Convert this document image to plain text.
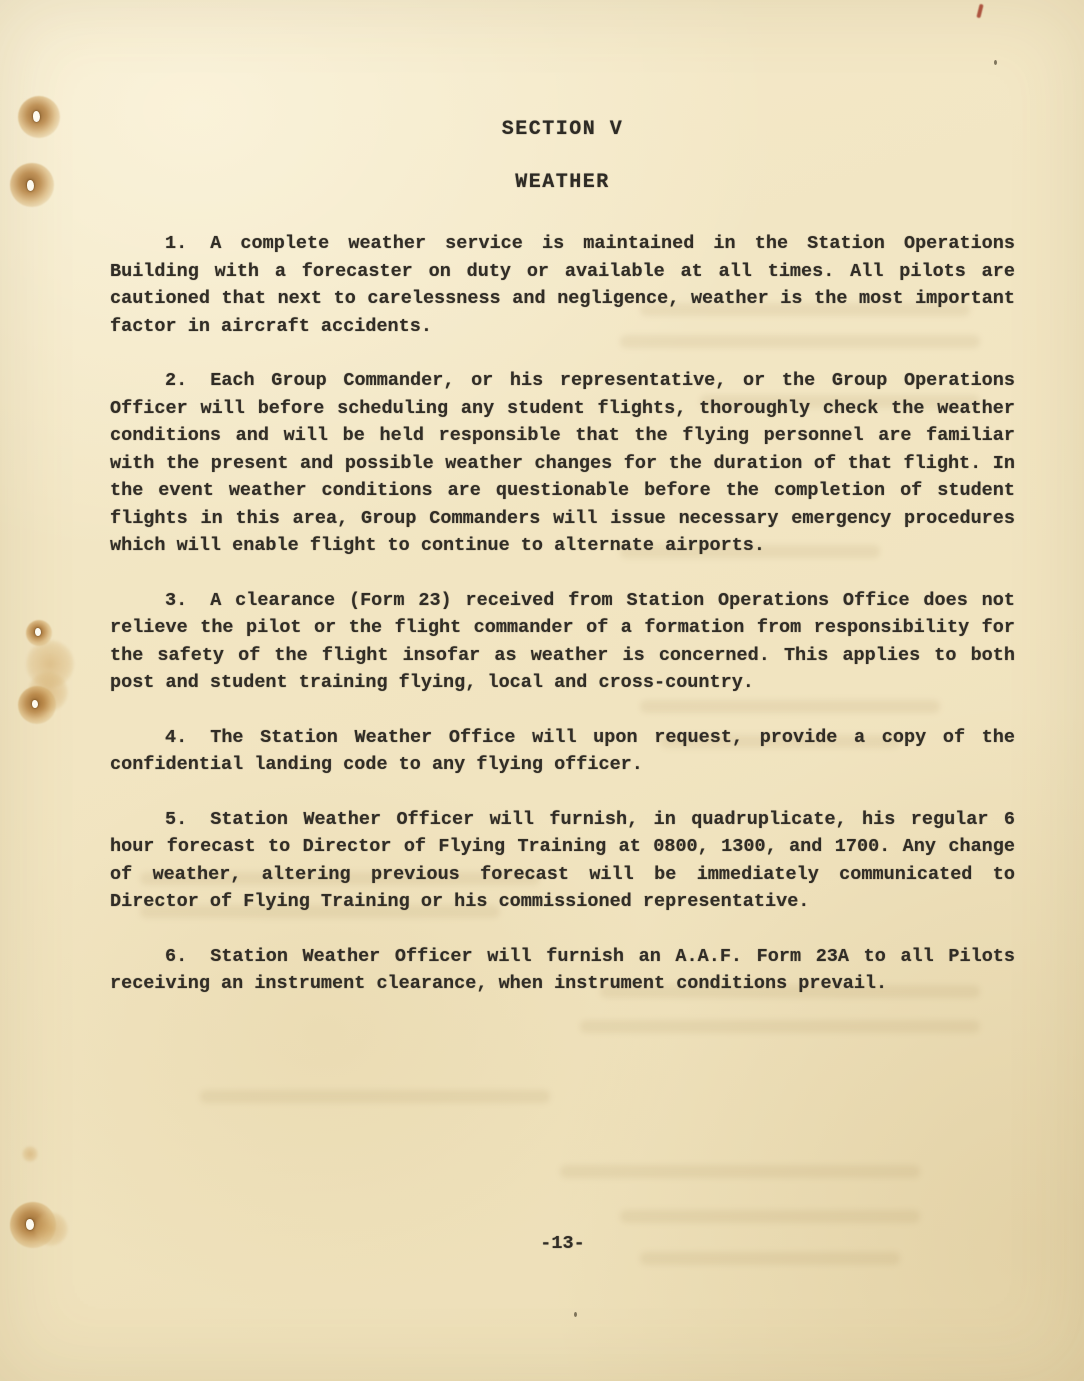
SECTION V
WEATHER

1. A complete weather service is maintained in the Station Operations Building with a forecaster on duty or available at all times. All pilots are cautioned that next to carelessness and negligence, weather is the most important factor in aircraft accidents.

2. Each Group Commander, or his representative, or the Group Operations Officer will before scheduling any student flights, thoroughly check the weather conditions and will be held responsible that the flying personnel are familiar with the present and possible weather changes for the duration of that flight. In the event weather conditions are questionable before the completion of student flights in this area, Group Commanders will issue necessary emergency procedures which will enable flight to continue to alternate airports.

3. A clearance (Form 23) received from Station Operations Office does not relieve the pilot or the flight commander of a formation from responsibility for the safety of the flight insofar as weather is concerned. This applies to both post and student training flying, local and cross-country.

4. The Station Weather Office will upon request, provide a copy of the confidential landing code to any flying officer.

5. Station Weather Officer will furnish, in quadruplicate, his regular 6 hour forecast to Director of Flying Training at 0800, 1300, and 1700. Any change of weather, altering previous forecast will be immediately communicated to Director of Flying Training or his commissioned representative.

6. Station Weather Officer will furnish an A.A.F. Form 23A to all Pilots receiving an instrument clearance, when instrument conditions prevail.

-13-
